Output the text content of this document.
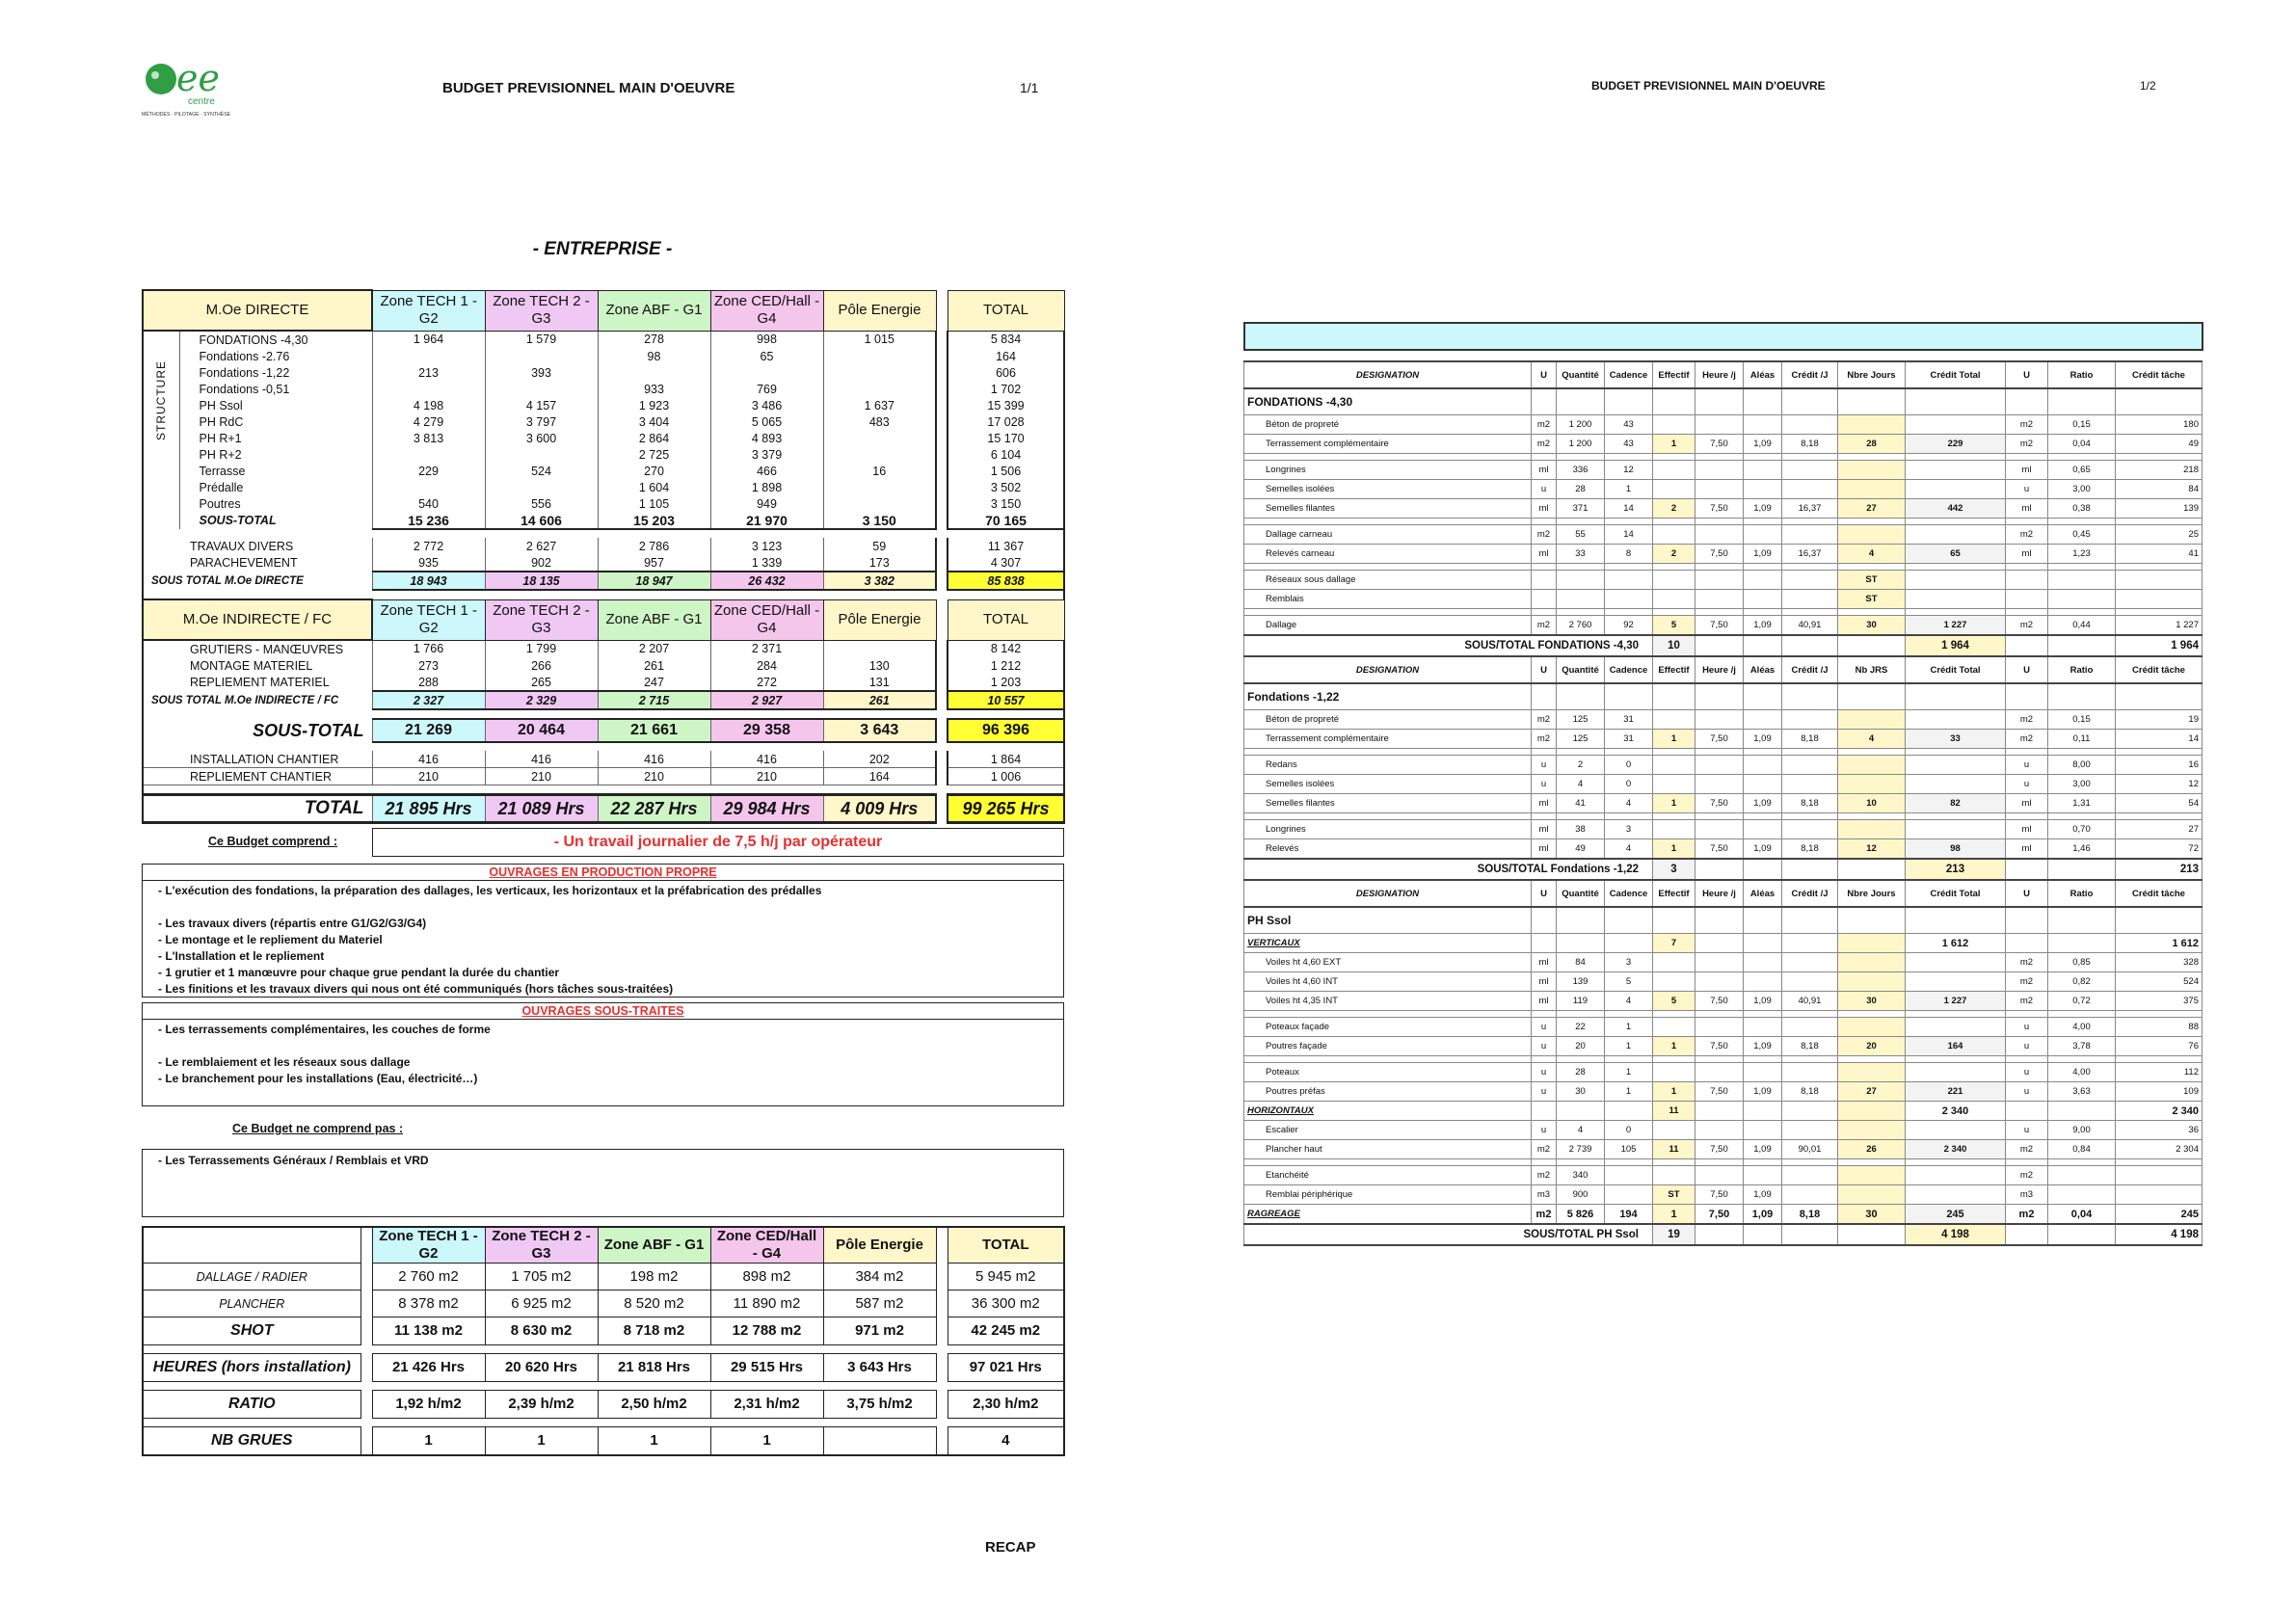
ee
centre
MÉTHODES · PILOTAGE · SYNTHÈSE
BUDGET PREVISIONNEL MAIN D'OEUVRE	1/1	BUDGET PREVISIONNEL MAIN D'OEUVRE	1/2
- ENTREPRISE -
M.Oe DIRECTE		Zone TECH 1 - G2	Zone TECH 2 - G3	Zone ABF - G1	Zone CED/Hall - G4	Pôle Energie		TOTAL

STRUCTURE	FONDATIONS -4,30	1 964	1 579	278	998	1 015		5 834
	Fondations -2.76			98	65			164
	Fondations -1,22	213	393					606
	Fondations -0,51			933	769			1 702
	PH Ssol	4 198	4 157	1 923	3 486	1 637		15 399
	PH RdC	4 279	3 797	3 404	5 065	483		17 028
	PH R+1	3 813	3 600	2 864	4 893			15 170
	PH R+2			2 725	3 379			6 104
	Terrasse	229	524	270	466	16		1 506
	Prédalle			1 604	1 898			3 502
	Poutres	540	556	1 105	949			3 150
	SOUS-TOTAL	15 236	14 606	15 203	21 970	3 150		70 165

TRAVAUX DIVERS		2 772	2 627	2 786	3 123	59		11 367
PARACHEVEMENT		935	902	957	1 339	173		4 307
SOUS TOTAL M.Oe DIRECTE		18 943	18 135	18 947	26 432	3 382		85 838

M.Oe INDIRECTE / FC		Zone TECH 1 - G2	Zone TECH 2 - G3	Zone ABF - G1	Zone CED/Hall - G4	Pôle Energie		TOTAL
GRUTIERS - MANŒUVRES		1 766	1 799	2 207	2 371			8 142
MONTAGE MATERIEL		273	266	261	284	130		1 212
REPLIEMENT MATERIEL		288	265	247	272	131		1 203
SOUS TOTAL M.Oe INDIRECTE / FC		2 327	2 329	2 715	2 927	261		10 557

SOUS-TOTAL		21 269	20 464	21 661	29 358	3 643		96 396

INSTALLATION CHANTIER		416	416	416	416	202		1 864
REPLIEMENT CHANTIER		210	210	210	210	164		1 006

TOTAL		21 895 Hrs	21 089 Hrs	22 287 Hrs	29 984 Hrs	4 009 Hrs		99 265 Hrs
Ce Budget comprend :	- Un travail journalier de 7,5 h/j par opérateur
OUVRAGES EN PRODUCTION PROPRE
- L'exécution des fondations, la préparation des dallages, les verticaux, les horizontaux et la préfabrication des prédalles
- Les travaux divers (répartis entre G1/G2/G3/G4)
- Le montage et le repliement du Materiel
- L'Installation et le repliement
- 1 grutier et 1 manœuvre pour chaque grue pendant la durée du chantier
- Les finitions et les travaux divers qui nous ont été communiqués (hors tâches sous-traitées)
OUVRAGES SOUS-TRAITES
- Les terrassements complémentaires, les couches de forme
- Le remblaiement et les réseaux sous dallage
- Le branchement pour les installations (Eau, électricité…)
Ce Budget ne comprend pas :
- Les Terrassements Généraux / Remblais et VRD
		Zone TECH 1 - G2	Zone TECH 2 - G3	Zone ABF - G1	Zone CED/Hall - G4	Pôle Energie		TOTAL
DALLAGE / RADIER		2 760 m2	1 705 m2	198 m2	898 m2	384 m2		5 945 m2
PLANCHER		8 378 m2	6 925 m2	8 520 m2	11 890 m2	587 m2		36 300 m2
SHOT		11 138 m2	8 630 m2	8 718 m2	12 788 m2	971 m2		42 245 m2

HEURES (hors installation)		21 426 Hrs	20 620 Hrs	21 818 Hrs	29 515 Hrs	3 643 Hrs		97 021 Hrs

RATIO		1,92 h/m2	2,39 h/m2	2,50 h/m2	2,31 h/m2	3,75 h/m2		2,30 h/m2

NB GRUES		1	1	1	1			4
RECAP
DESIGNATION	U	Quantité	Cadence	Effectif	Heure /j	Aléas	Crédit /J	Nbre Jours	Crédit Total	U	Ratio	Crédit tâche
FONDATIONS -4,30												
Béton de propreté	m2	1 200	43							m2	0,15	180
Terrassement complémentaire	m2	1 200	43	1	7,50	1,09	8,18	28	229	m2	0,04	49

Longrines	ml	336	12							ml	0,65	218
Semelles isolées	u	28	1							u	3,00	84
Semelles filantes	ml	371	14	2	7,50	1,09	16,37	27	442	ml	0,38	139

Dallage carneau	m2	55	14							m2	0,45	25
Relevés carneau	ml	33	8	2	7,50	1,09	16,37	4	65	ml	1,23	41

Réseaux sous dallage								ST				
Remblais								ST				

Dallage	m2	2 760	92	5	7,50	1,09	40,91	30	1 227	m2	0,44	1 227
SOUS/TOTAL FONDATIONS -4,30				10					1 964			1 964
DESIGNATION	U	Quantité	Cadence	Effectif	Heure /j	Aléas	Crédit /J	Nb JRS	Crédit Total	U	Ratio	Crédit tâche
Fondations -1,22												
Béton de propreté	m2	125	31							m2	0,15	19
Terrassement complémentaire	m2	125	31	1	7,50	1,09	8,18	4	33	m2	0,11	14

Redans	u	2	0							u	8,00	16
Semelles isolées	u	4	0							u	3,00	12
Semelles filantes	ml	41	4	1	7,50	1,09	8,18	10	82	ml	1,31	54

Longrines	ml	38	3							ml	0,70	27
Relevés	ml	49	4	1	7,50	1,09	8,18	12	98	ml	1,46	72
SOUS/TOTAL Fondations -1,22				3					213			213
DESIGNATION	U	Quantité	Cadence	Effectif	Heure /j	Aléas	Crédit /J	Nbre Jours	Crédit Total	U	Ratio	Crédit tâche
PH Ssol												
VERTICAUX				7					1 612			1 612
Voiles ht 4,60 EXT	ml	84	3							m2	0,85	328
Voiles ht 4,60 INT	ml	139	5							m2	0,82	524
Voiles ht 4,35 INT	ml	119	4	5	7,50	1,09	40,91	30	1 227	m2	0,72	375

Poteaux façade	u	22	1							u	4,00	88
Poutres façade	u	20	1	1	7,50	1,09	8,18	20	164	u	3,78	76

Poteaux	u	28	1							u	4,00	112
Poutres préfas	u	30	1	1	7,50	1,09	8,18	27	221	u	3,63	109
HORIZONTAUX				11					2 340			2 340
Escalier	u	4	0							u	9,00	36
Plancher haut	m2	2 739	105	11	7,50	1,09	90,01	26	2 340	m2	0,84	2 304

Etanchéité	m2	340								m2		
Remblai périphérique	m3	900		ST	7,50	1,09				m3		
RAGREAGE	m2	5 826	194	1	7,50	1,09	8,18	30	245	m2	0,04	245
SOUS/TOTAL PH Ssol				19					4 198			4 198
